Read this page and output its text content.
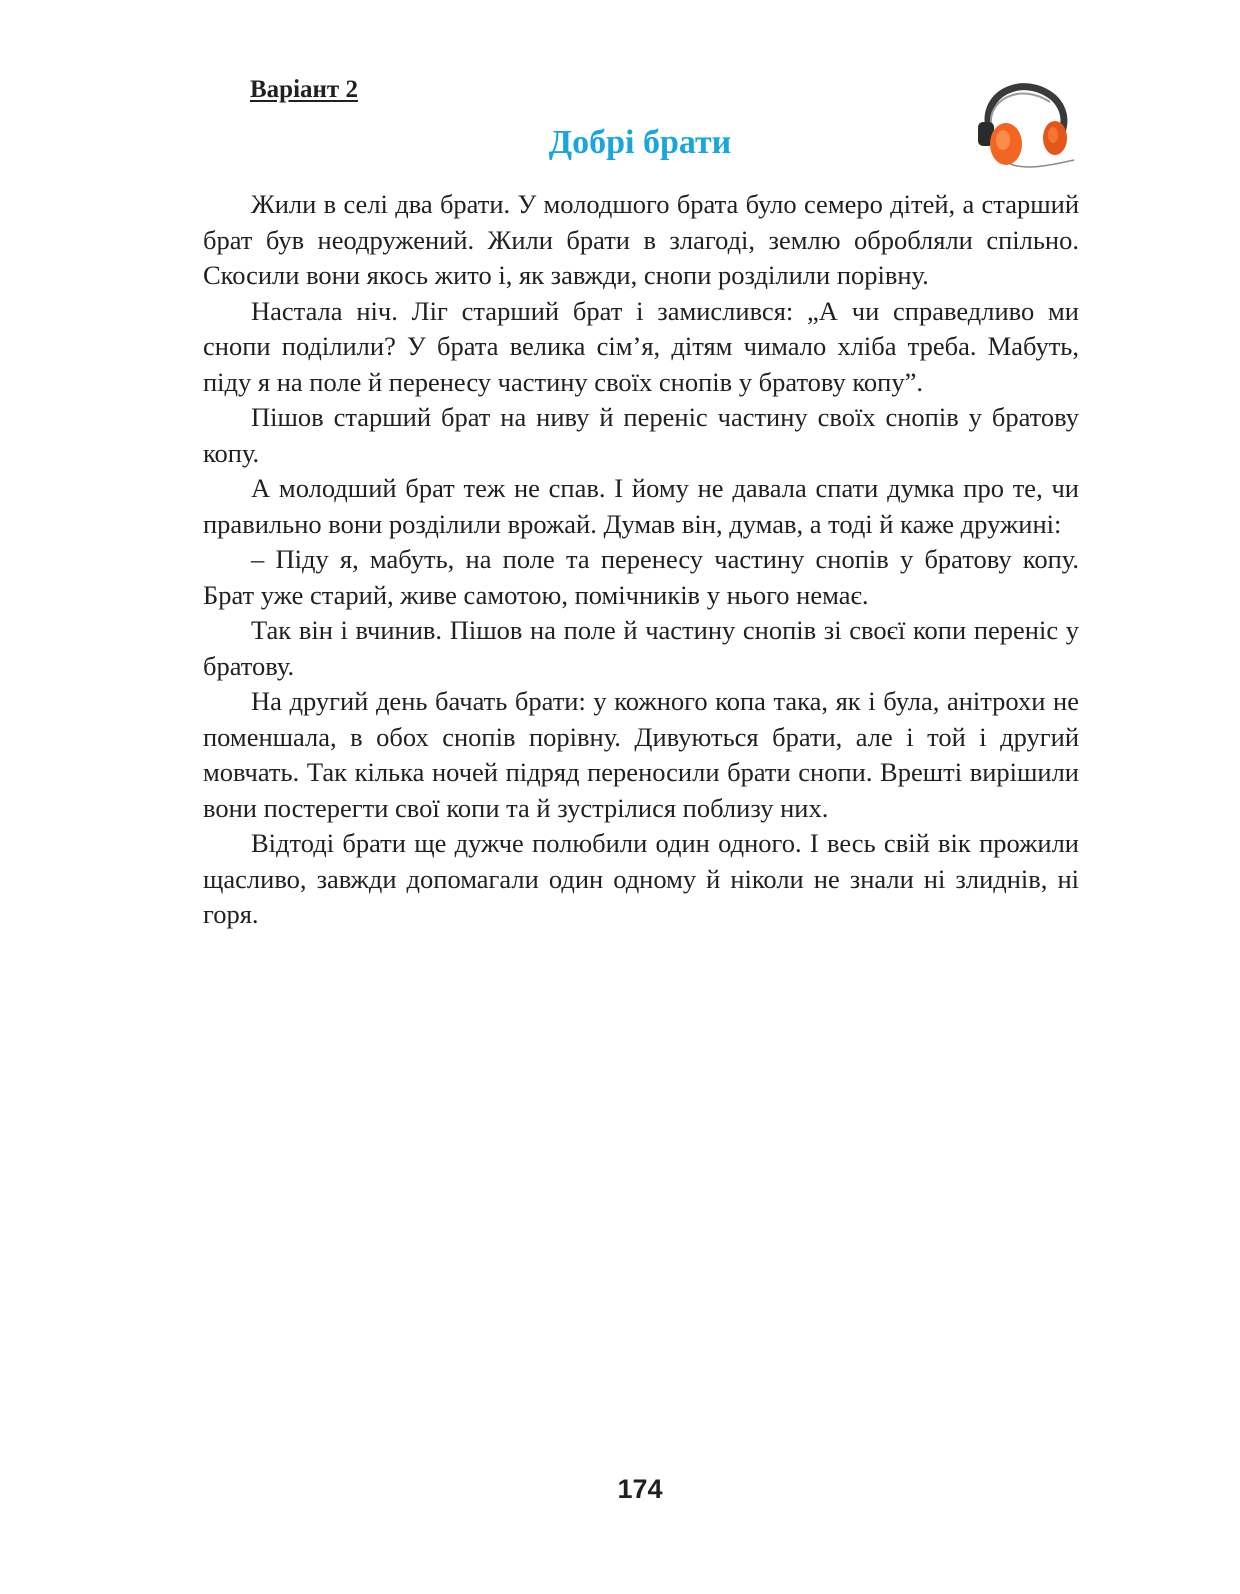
Варіант 2
Добрі брати

Жили в селі два брати. У молодшого брата було семеро дітей, а старший брат був неодружений. Жили брати в злагоді, землю обробляли спільно. Скосили вони якось жито і, як завжди, снопи розділили порівну.

Настала ніч. Ліг старший брат і замислився: „А чи справедливо ми снопи поділили? У брата велика сім’я, дітям чимало хліба треба. Мабуть, піду я на поле й перенесу частину своїх снопів у братову копу”.

Пішов старший брат на ниву й переніс частину своїх снопів у братову копу.

А молодший брат теж не спав. І йому не давала спати думка про те, чи правильно вони розділили врожай. Думав він, думав, а тоді й каже дружині:

– Піду я, мабуть, на поле та перенесу частину снопів у братову копу. Брат уже старий, живе самотою, помічників у нього немає.

Так він і вчинив. Пішов на поле й частину снопів зі своєї копи переніс у братову.

На другий день бачать брати: у кожного копа така, як і була, анітрохи не поменшала, в обох снопів порівну. Дивуються брати, але і той і другий мовчать. Так кілька ночей підряд переносили брати снопи. Врешті вирішили вони постерегти свої копи та й зустрілися поблизу них.

Відтоді брати ще дужче полюбили один одного. І весь свій вік прожили щасливо, завжди допомагали один одному й ніколи не знали ні злиднів, ні горя.

174
